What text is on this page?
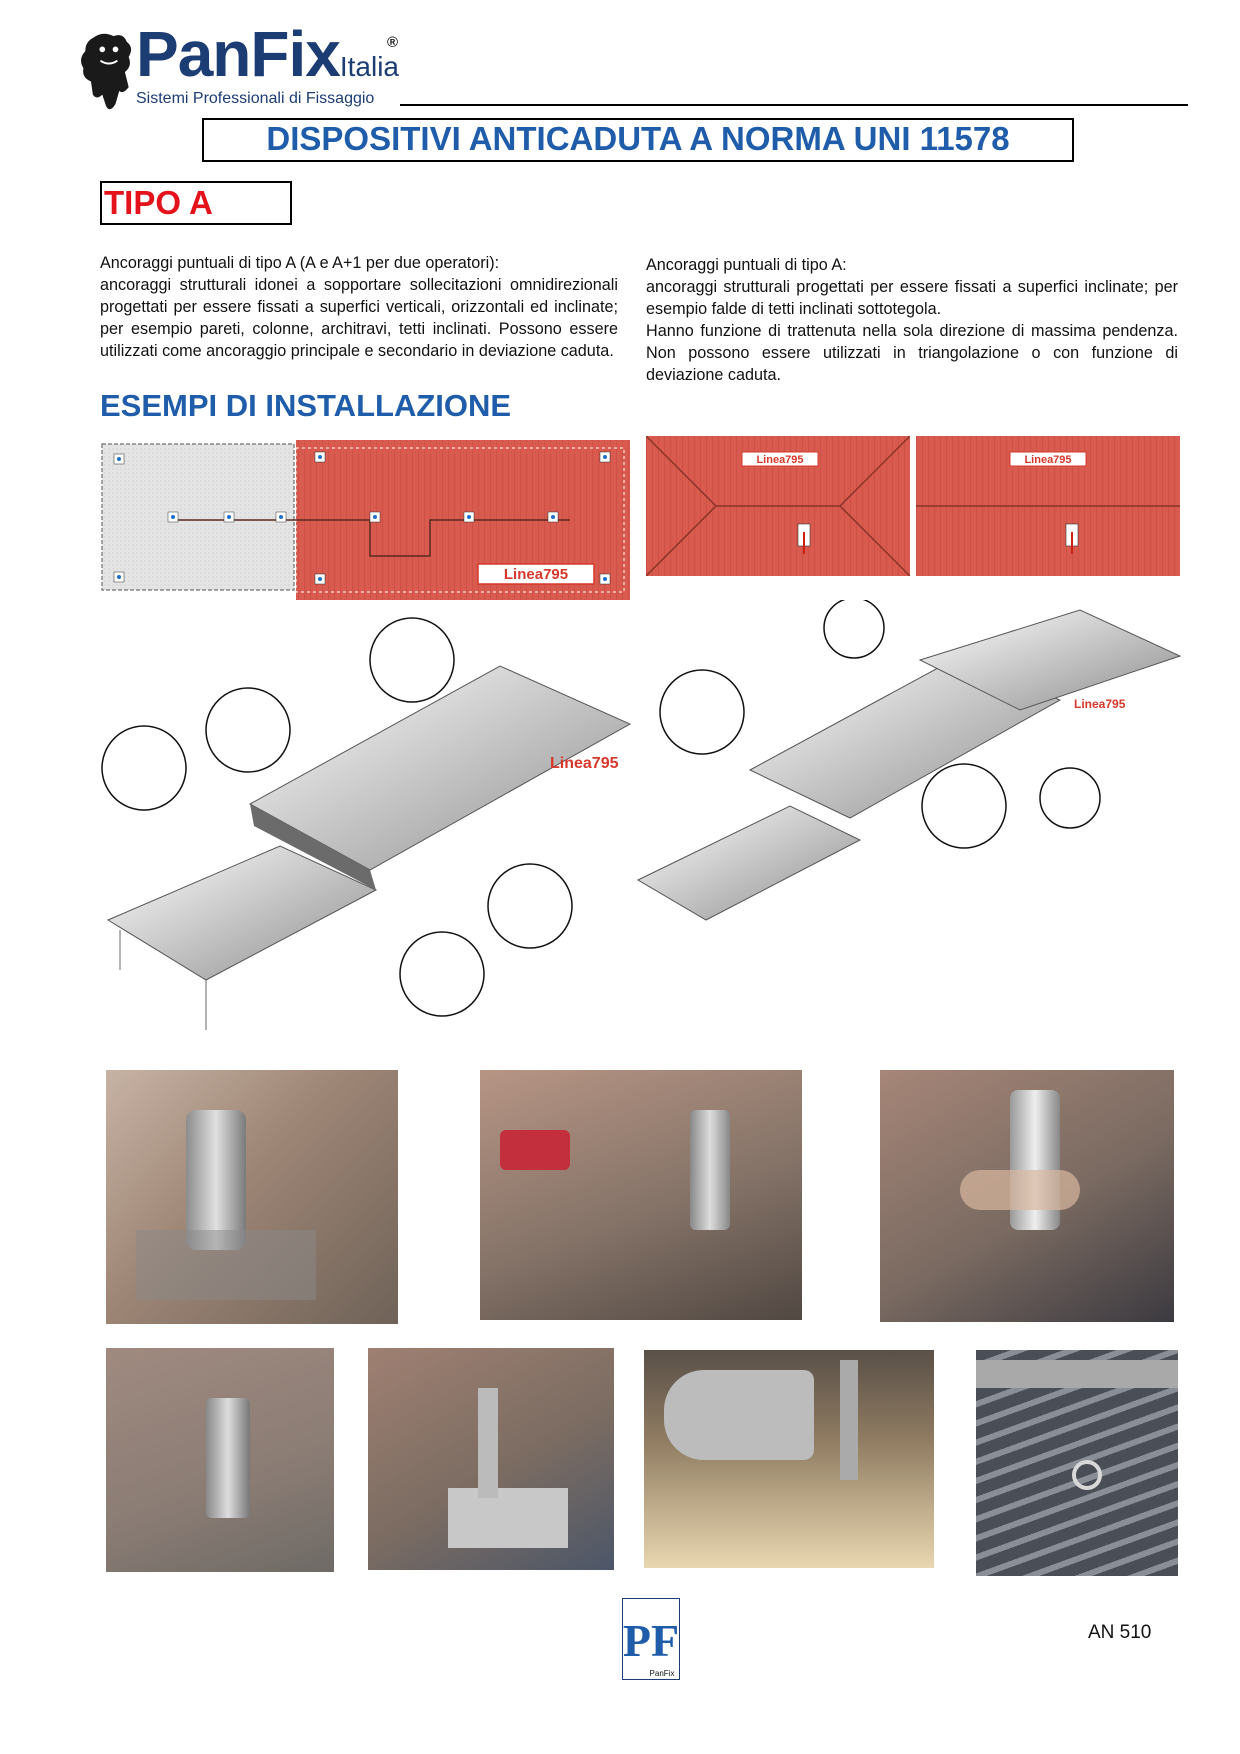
PanFixItalia
®
Sistemi Professionali di Fissaggio
DISPOSITIVI ANTICADUTA A NORMA UNI 11578
TIPO A

Ancoraggi puntuali di tipo A (A e A+1 per due operatori):

ancoraggi strutturali idonei a sopportare sollecitazioni omnidirezionali progettati per essere fissati a superfici verticali, orizzontali ed inclinate; per esempio pareti, colonne, architravi, tetti inclinati. Possono essere utilizzati come ancoraggio principale e secondario in deviazione caduta.

Ancoraggi puntuali di tipo A:

ancoraggi strutturali progettati per essere fissati a superfici inclinate; per esempio falde di tetti inclinati sottotegola.

Hanno funzione di trattenuta nella sola direzione di massima pendenza. Non possono essere utilizzati in triangolazione o con funzione di deviazione caduta.

ESEMPI DI INSTALLAZIONE
Linea795
Linea795	Linea795
Linea795
Linea795
PF
PanFix
AN 510
